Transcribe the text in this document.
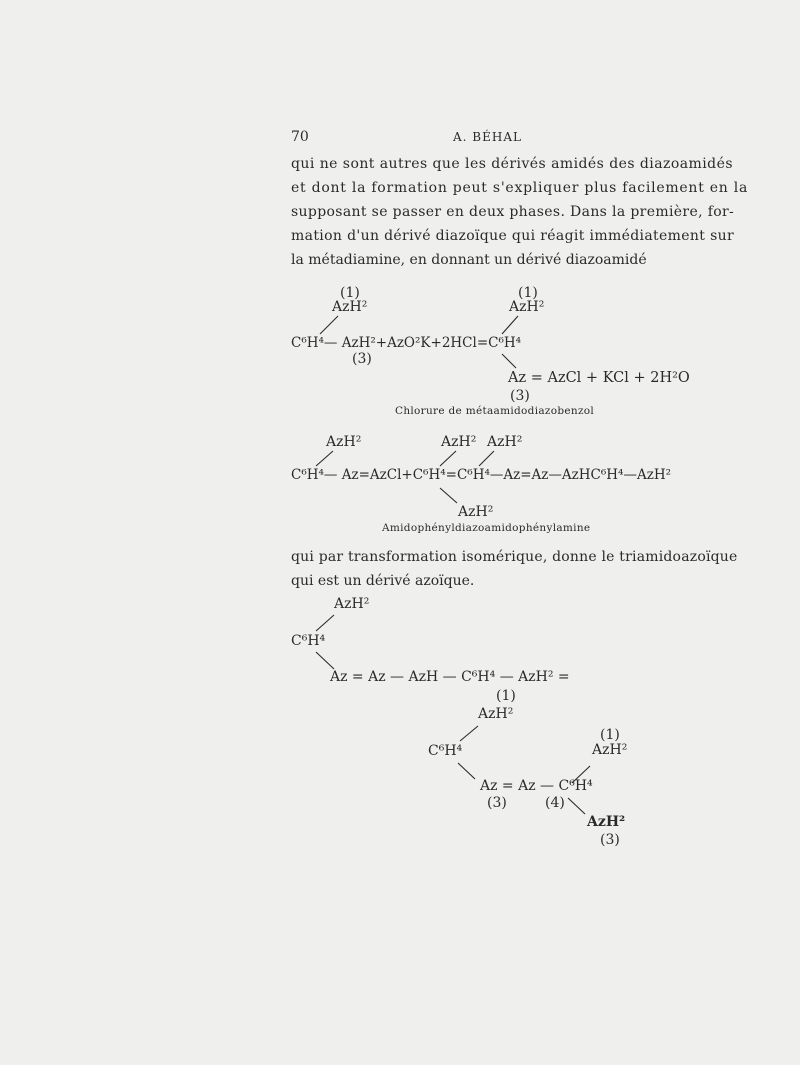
70	A. BÉHAL
qui ne sont autres que les dérivés amidés des diazoamidés
et dont la formation peut s'expliquer plus facilement en la
supposant se passer en deux phases. Dans la première, for-
mation d'un dérivé diazoïque qui réagit immédiatement sur
la métadiamine, en donnant un dérivé diazoamidé
(1)
AzH²
(1)
AzH²
C⁶H⁴— AzH²+AzO²K+2HCl=C⁶H⁴
(3)
Az = AzCl + KCl + 2H²O
(3)
Chlorure de métaamidodiazobenzol
AzH²	AzH² AzH²
C⁶H⁴— Az=AzCl+C⁶H⁴=C⁶H⁴—Az=Az—AzHC⁶H⁴—AzH²
AzH²
Amidophényldiazoamidophénylamine
qui par transformation isomérique, donne le triamidoazoïque
qui est un dérivé azoïque.
AzH²
C⁶H⁴
Az = Az — AzH — C⁶H⁴ — AzH² =
(1)
AzH²
(1)
C⁶H⁴	AzH²
Az = Az — C⁶H⁴
(3)	(4)
AzH²
(3)
